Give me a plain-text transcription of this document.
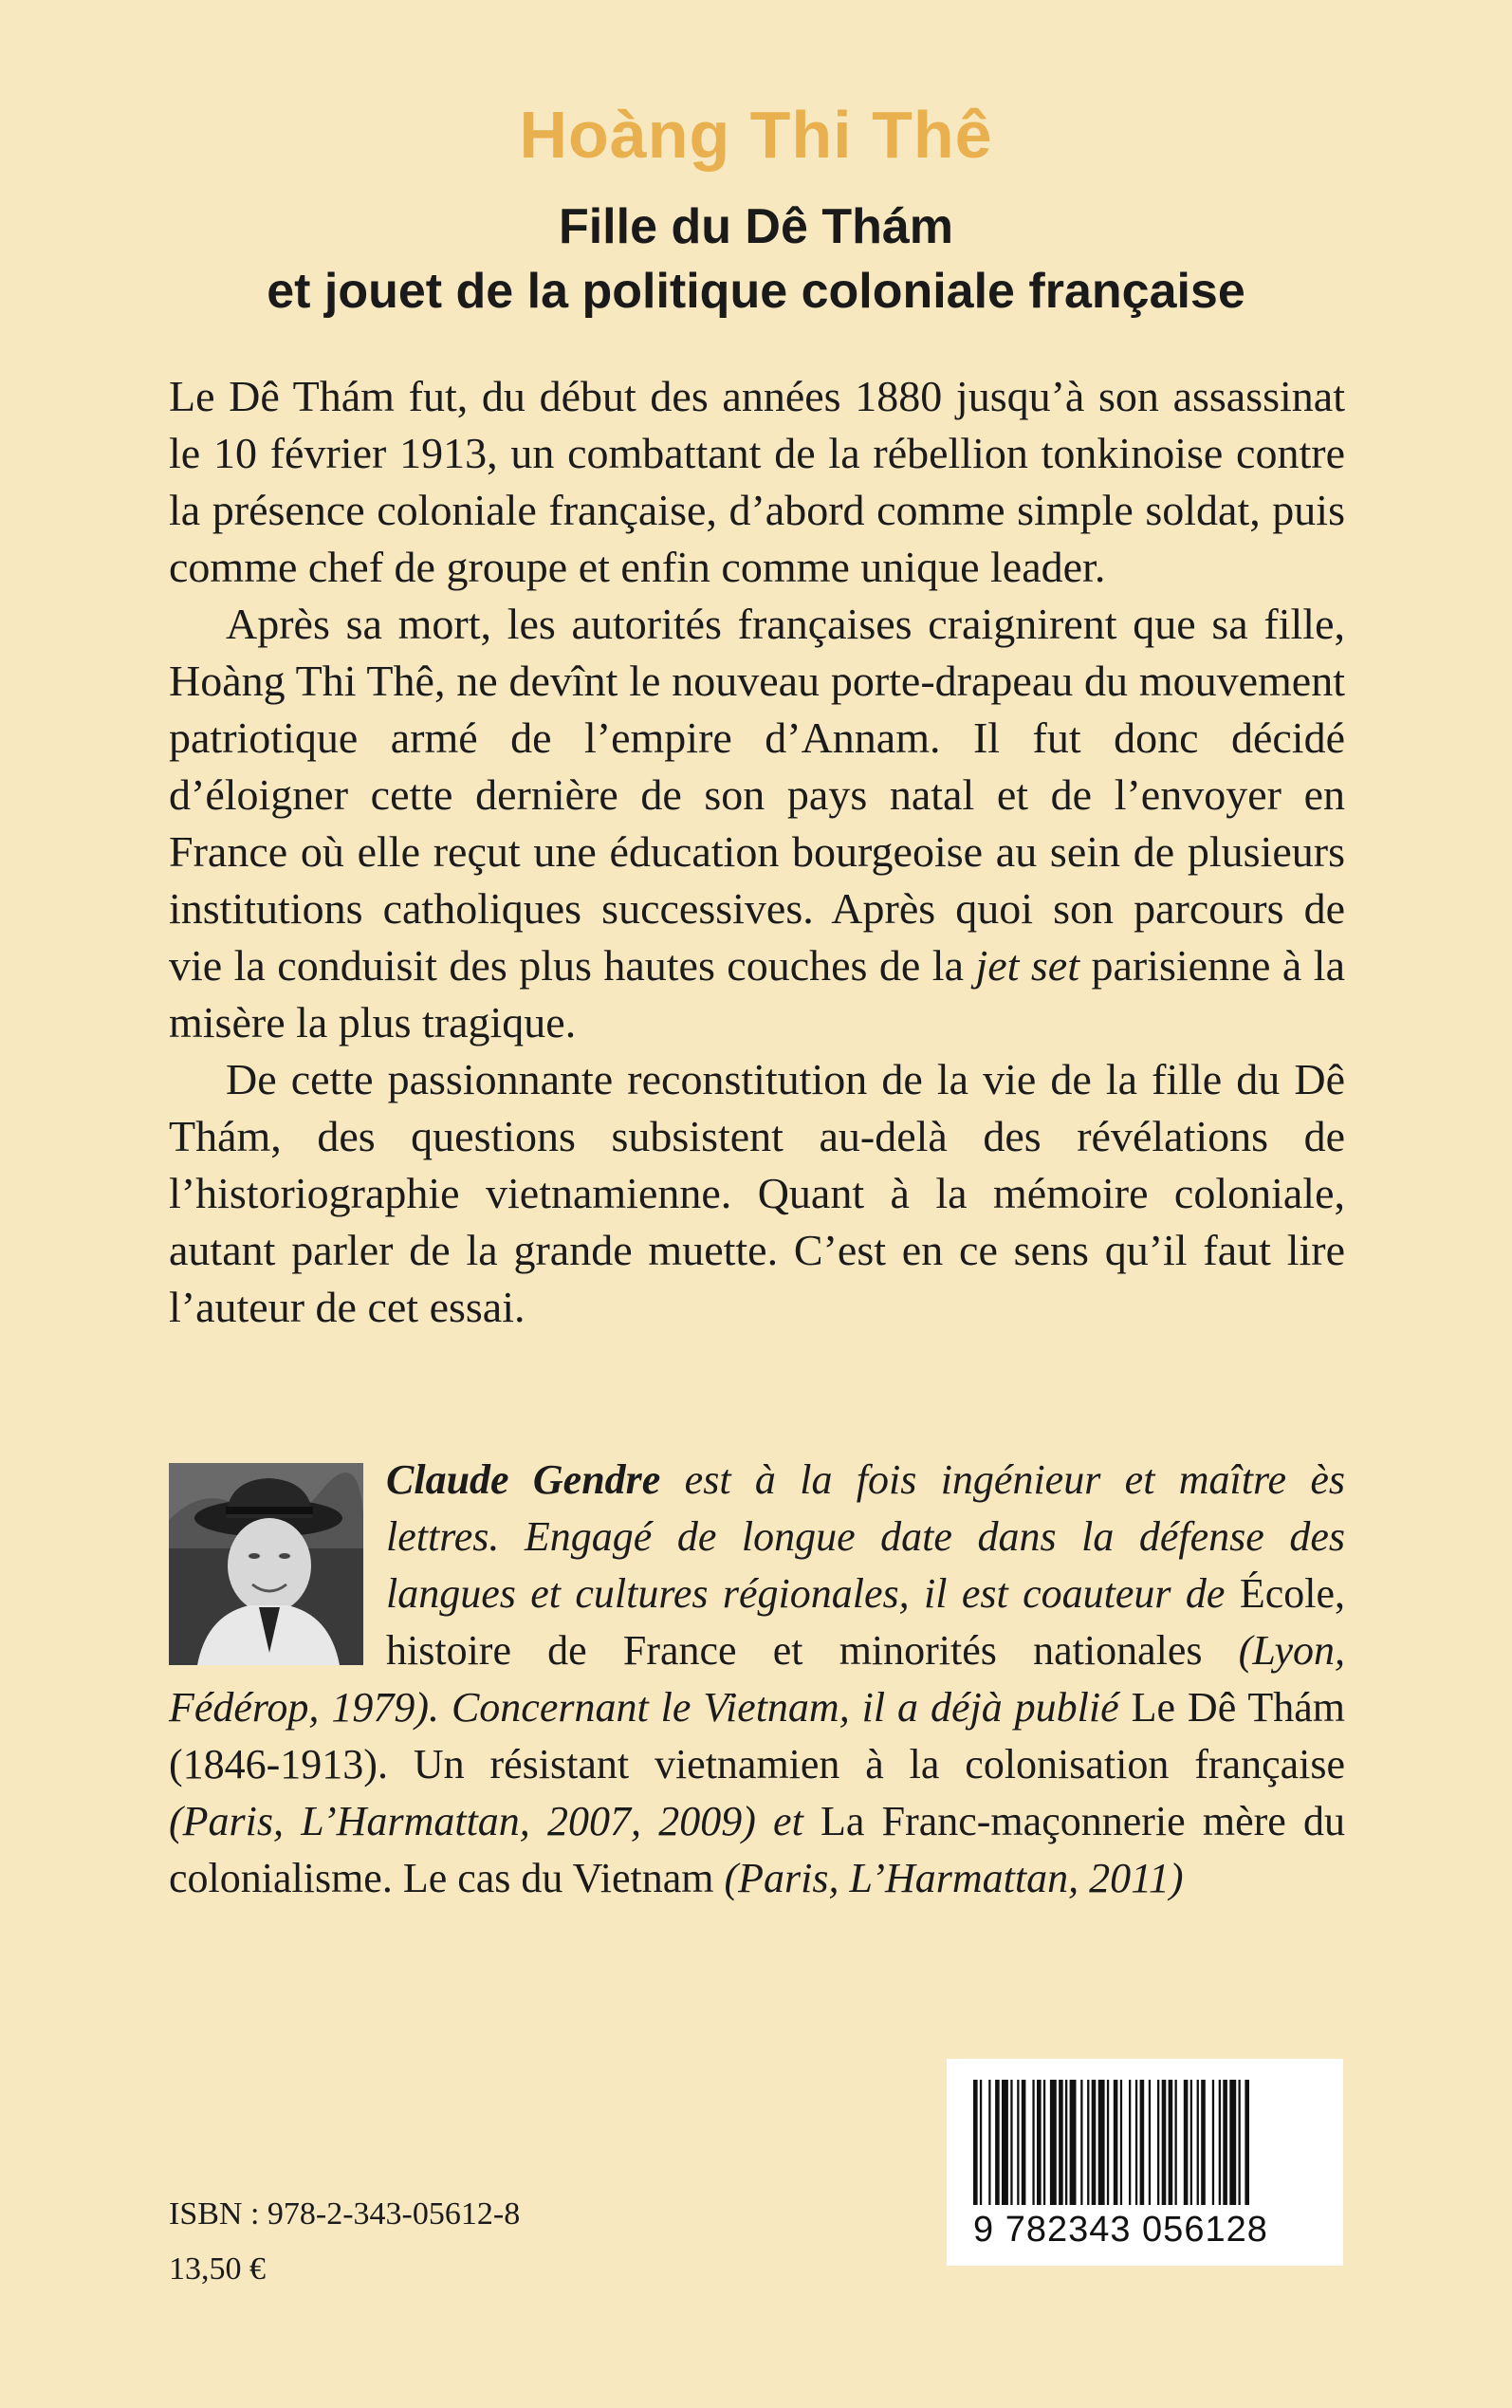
Hoàng Thi Thê
Fille du Dê Thám
et jouet de la politique coloniale française

Le Dê Thám fut, du début des années 1880 jusqu’à son assassinat le 10 février 1913, un combattant de la rébellion tonkinoise contre la présence coloniale française, d’abord comme simple soldat, puis comme chef de groupe et enfin comme unique leader.

Après sa mort, les autorités françaises craignirent que sa fille, Hoàng Thi Thê, ne devînt le nouveau porte-drapeau du mouvement patriotique armé de l’empire d’Annam. Il fut donc décidé d’éloigner cette dernière de son pays natal et de l’envoyer en France où elle reçut une éducation bourgeoise au sein de plusieurs institutions catholiques successives. Après quoi son parcours de vie la conduisit des plus hautes couches de la jet set parisienne à la misère la plus tragique.

De cette passionnante reconstitution de la vie de la fille du Dê Thám, des questions subsistent au-delà des révélations de l’historiographie vietnamienne. Quant à la mémoire coloniale, autant parler de la grande muette. C’est en ce sens qu’il faut lire l’auteur de cet essai.

Claude Gendre est à la fois ingénieur et maître ès lettres. Engagé de longue date dans la défense des langues et cultures régionales, il est coauteur de École, histoire de France et minorités nationales (Lyon, Fédérop, 1979). Concernant le Vietnam, il a déjà publié Le Dê Thám (1846-1913). Un résistant vietnamien à la colonisation française (Paris, L’Harmattan, 2007, 2009) et La Franc-maçonnerie mère du colonialisme. Le cas du Vietnam (Paris, L’Harmattan, 2011)
ISBN : 978-2-343-05612-8
13,50 €
9 782343 056128
